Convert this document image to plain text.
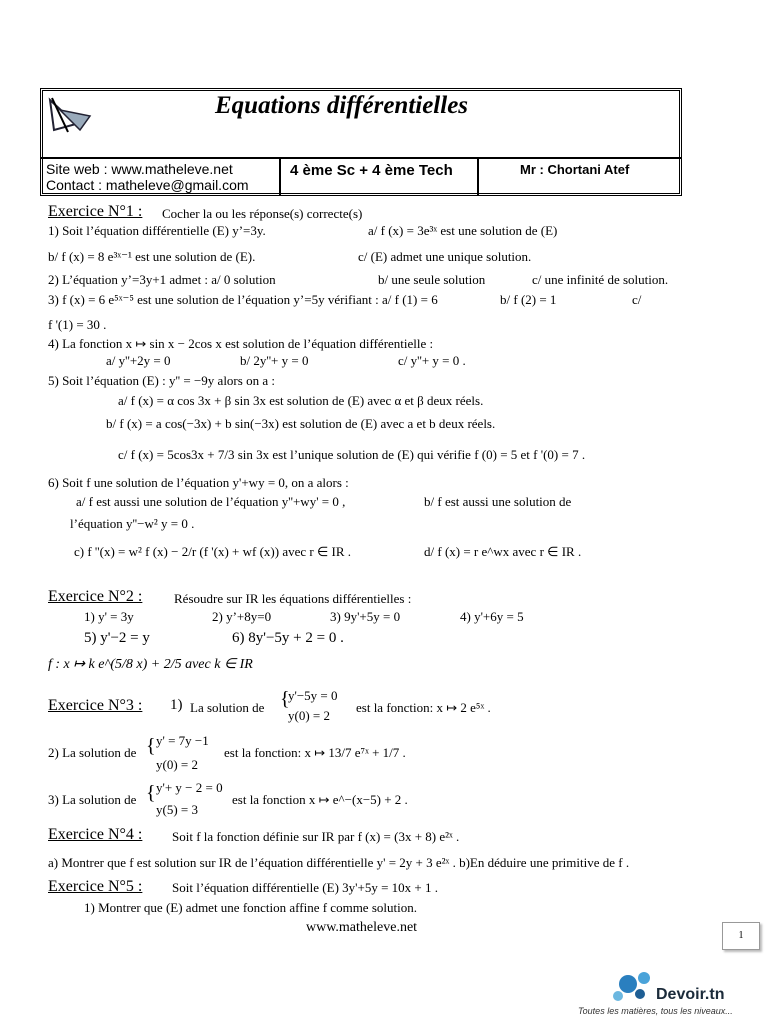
Equations différentielles
Site web : www.matheleve.net
Contact : matheleve@gmail.com
4 ème Sc + 4 ème Tech	Mr : Chortani Atef
Exercice N°1 : Cocher la ou les réponse(s) correcte(s)
1) Soit l’équation différentielle (E) y’=3y.	a/ f (x) = 3e³ˣ est une solution de (E)
b/ f (x) = 8 e³ˣ⁻¹ est une solution de (E).	c/ (E) admet une unique solution.
2) L’équation y’=3y+1 admet : a/ 0 solution	b/ une seule solution	c/ une infinité de solution.
3) f (x) = 6 e⁵ˣ⁻⁵ est une solution de l’équation y’=5y vérifiant : a/ f (1) = 6	b/ f (2) = 1	c/
f '(1) = 30 .
4) La fonction x ↦ sin x − 2cos x est solution de l’équation différentielle :
a/ y''+2y = 0	b/ 2y''+ y = 0	c/ y''+ y = 0 .
5) Soit l’équation (E) : y'' = −9y alors on a :
a/ f (x) = α cos 3x + β sin 3x est solution de (E) avec α et β deux réels.
b/ f (x) = a cos(−3x) + b sin(−3x) est solution de (E) avec a et b deux réels.
c/ f (x) = 5cos3x + 7/3 sin 3x est l’unique solution de (E) qui vérifie f (0) = 5 et f '(0) = 7 .
6) Soit f une solution de l’équation y'+wy = 0, on a alors :
a/ f est aussi une solution de l’équation y''+wy' = 0 ,	b/ f est aussi une solution de
l’équation y''−w² y = 0 .
c) f ''(x) = w² f (x) − 2/r (f '(x) + wf (x)) avec r ∈ IR .	d/ f (x) = r e^wx avec r ∈ IR .
Exercice N°2 : Résoudre sur IR les équations différentielles :
1) y' = 3y	2) y’+8y=0	3) 9y'+5y = 0	4) y'+6y = 5
5) y'−2 = y	6) 8y'−5y + 2 = 0 .
f : x ↦ k e^(5/8 x) + 2/5 avec k ∈ IR
Exercice N°3 : 1) La solution de {
y'−5y = 0
y(0) = 2
est la fonction: x ↦ 2 e⁵ˣ .
2) La solution de { y' = 7y −1
y(0) = 2
est la fonction: x ↦ 13/7 e⁷ˣ + 1/7 .
3) La solution de { y'+ y − 2 = 0
y(5) = 3
est la fonction x ↦ e^−(x−5) + 2 .
Exercice N°4 : Soit f la fonction définie sur IR par f (x) = (3x + 8) e²ˣ .
a) Montrer que f est solution sur IR de l’équation différentielle y' = 2y + 3 e²ˣ . b)En déduire une primitive de f .
Exercice N°5 : Soit l’équation différentielle (E) 3y'+5y = 10x + 1 .
1) Montrer que (E) admet une fonction affine f comme solution.
www.matheleve.net
1
Devoir.tn
Toutes les matières, tous les niveaux...
